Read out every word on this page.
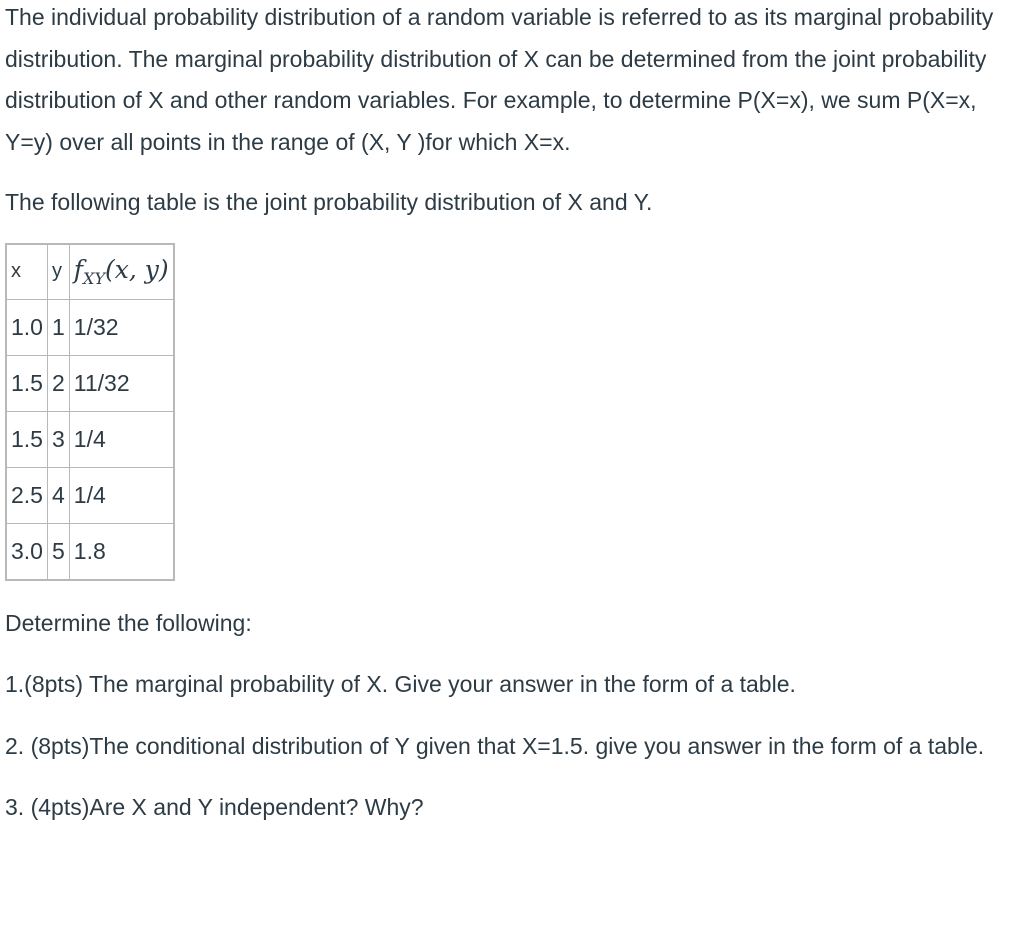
The individual probability distribution of a random variable is referred to as its marginal probability distribution. The marginal probability distribution of X can be determined from the joint probability distribution of X and other random variables. For example, to determine P(X=x), we sum P(X=x, Y=y) over all points in the range of (X, Y )for which X=x.

The following table is the joint probability distribution of X and Y.

x	y	$f_{XY}(x$, y)
1.0	1	1/32
1.5	2	11/32
1.5	3	1/4
2.5	4	1/4
3.0	5	1.8

Determine the following:

1.(8pts) The marginal probability of X. Give your answer in the form of a table.

2. (8pts)The conditional distribution of Y given that X=1.5. give you answer in the form of a table.

3. (4pts)Are X and Y independent? Why?
